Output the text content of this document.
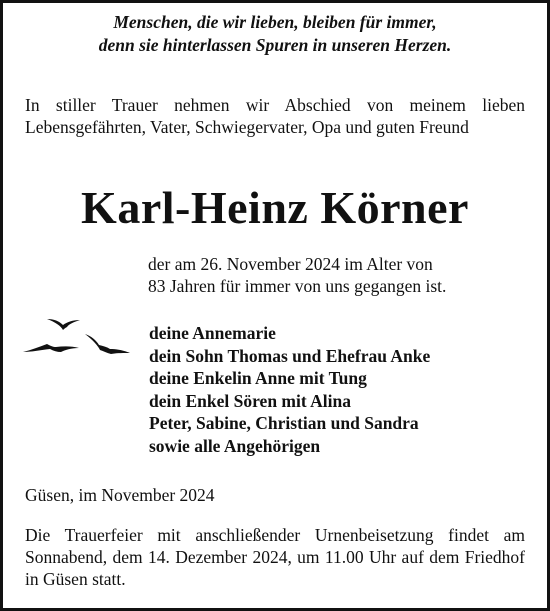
Menschen, die wir lieben, bleiben für immer,
denn sie hinterlassen Spuren in unseren Herzen.
In stiller Trauer nehmen wir Abschied von meinem lieben Lebensgefährten, Vater, Schwiegervater, Opa und guten Freund
Karl-Heinz Körner
der am 26. November 2024 im Alter von
83 Jahren für immer von uns gegangen ist.
deine Annemarie
dein Sohn Thomas und Ehefrau Anke
deine Enkelin Anne mit Tung
dein Enkel Sören mit Alina
Peter, Sabine, Christian und Sandra
sowie alle Angehörigen
Güsen, im November 2024
Die Trauerfeier mit anschließender Urnenbeisetzung findet am Sonnabend, dem 14. Dezember 2024, um 11.00 Uhr auf dem Friedhof in Güsen statt.
